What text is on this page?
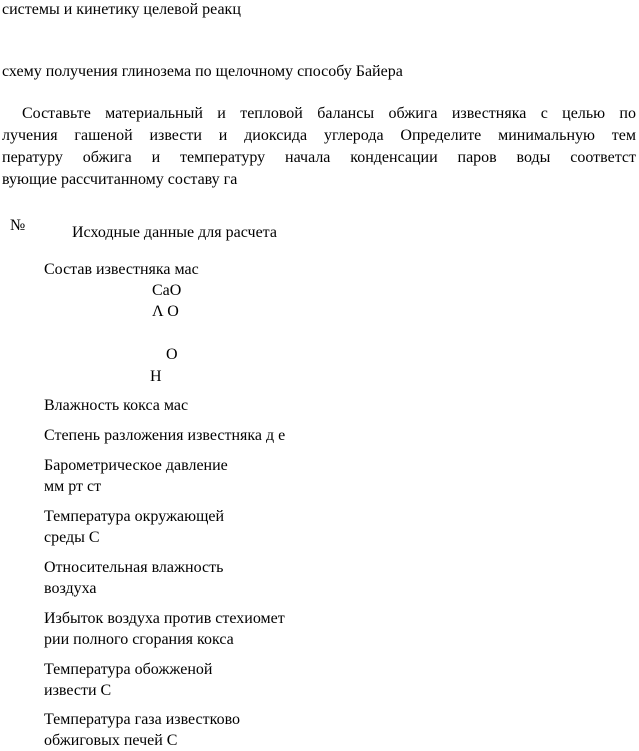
системы и кинетику целевой реакц
схему получения глинозема по щелочному способу Байера
Составьте материальный и тепловой балансы обжига известняка с целью по
лучения гашеной извести и диоксида углерода Определите минимальную тем
пературу обжига и температуру начала конденсации паров воды соответст
вующие рассчитанному составу га
№	Исходные данные для расчета
Состав известняка мас
CaO
Λ O
O
H
Влажность кокса мас
Степень разложения известняка д е
Барометрическое давление
мм рт ст
Температура окружающей
среды С
Относительная влажность
воздуха
Избыток воздуха против стехиомет
рии полного сгорания кокса
Температура обожженой
извести С
Температура газа известково
обжиговых печей С
